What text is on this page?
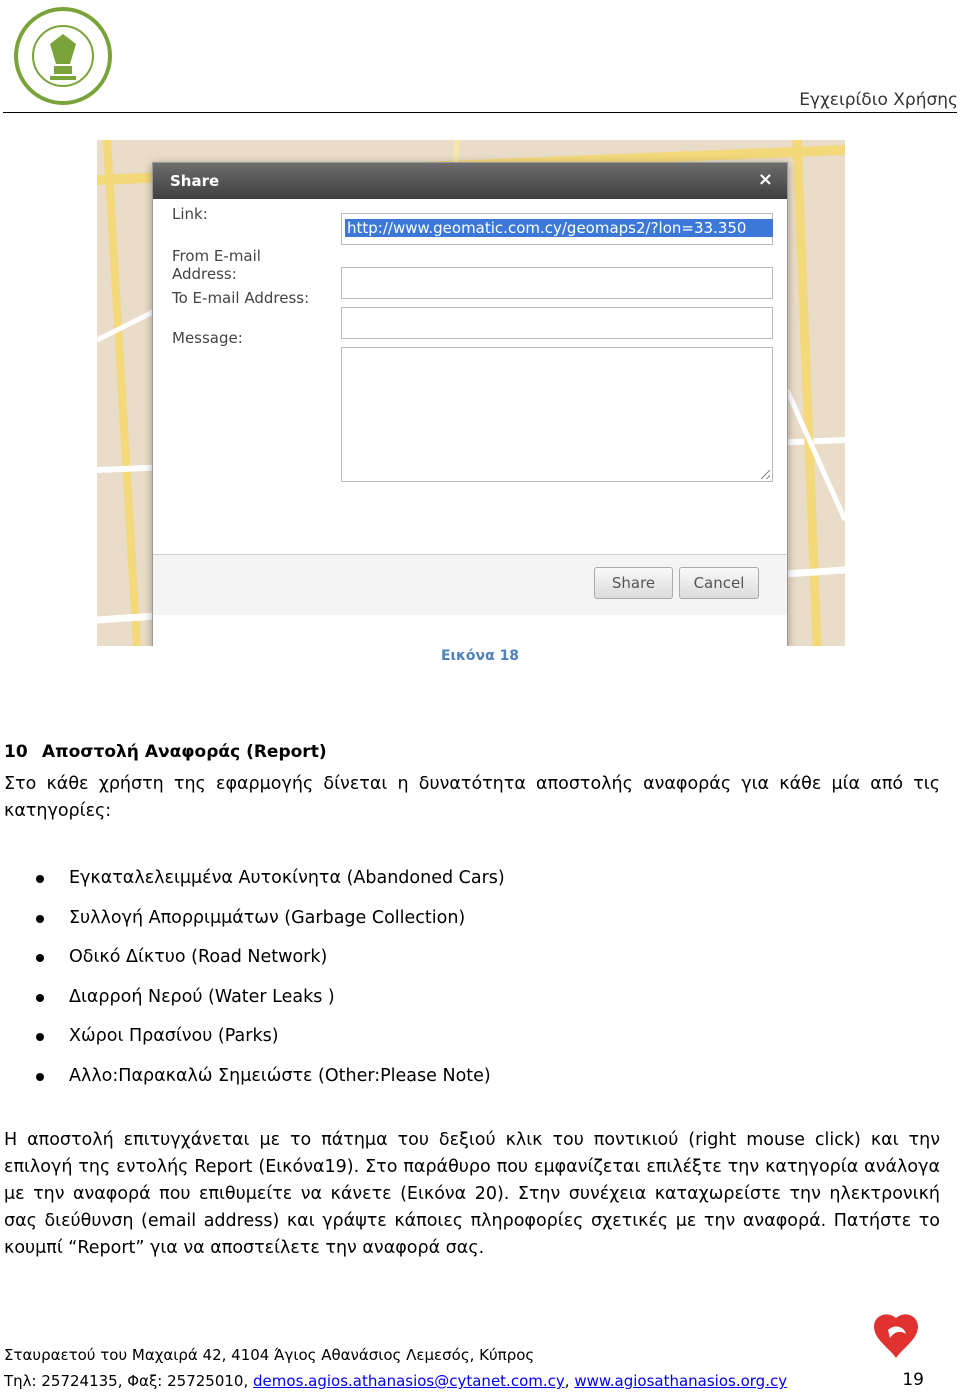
Εγχειρίδιο Χρήσης
Share	×
Link:
http://www.geomatic.com.cy/geomaps2/?lon=33.350
From E-mail
Address:
To E-mail Address:
Message:
Share	Cancel
Εικόνα 18
10 Αποστολή Αναφοράς (Report)
Στο κάθε χρήστη της εφαρμογής δίνεται η δυνατότητα αποστολής αναφοράς για κάθε μία από τις κατηγορίες:
Εγκαταλελειμμένα Αυτοκίνητα (Abandoned Cars)
Συλλογή Απορριμμάτων (Garbage Collection)
Οδικό Δίκτυο (Road Network)
Διαρροή Νερού (Water Leaks )
Χώροι Πρασίνου (Parks)
Αλλο:Παρακαλώ Σημειώστε (Other:Please Note)
Η αποστολή επιτυγχάνεται με το πάτημα του δεξιού κλικ του ποντικιού (right mouse click) και την επιλογή της εντολής Report (Εικόνα19). Στο παράθυρο που εμφανίζεται επιλέξτε την κατηγορία ανάλογα με την αναφορά που επιθυμείτε να κάνετε (Εικόνα 20). Στην συνέχεια καταχωρείστε την ηλεκτρονική σας διεύθυνση (email address) και γράψτε κάποιες πληροφορίες σχετικές με την αναφορά. Πατήστε το κουμπί “Report” για να αποστείλετε την αναφορά σας.
Σταυραετού του Μαχαιρά 42, 4104 Άγιος Αθανάσιος Λεμεσός, Κύπρος
Τηλ: 25724135, Φαξ: 25725010, demos.agios.athanasios@cytanet.com.cy, www.agiosathanasios.org.cy	19
